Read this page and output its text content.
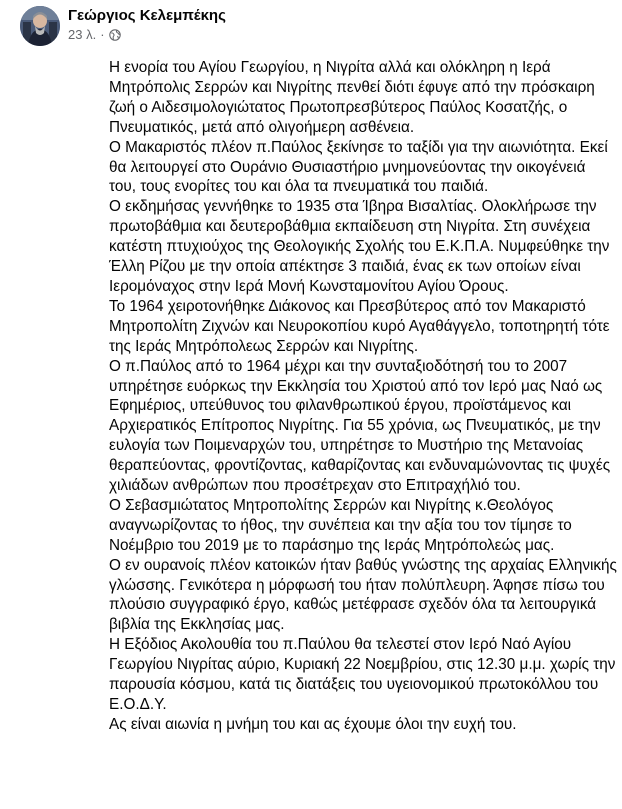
Γεώργιος Κελεμπέκης
23 λ. ·

Η ενορία του Αγίου Γεωργίου, η Νιγρίτα αλλά και ολόκληρη η Ιερά
Μητρόπολις Σερρών και Νιγρίτης πενθεί διότι έφυγε από την πρόσκαιρη
ζωή ο Αιδεσιμολογιώτατος Πρωτοπρεσβύτερος Παύλος Κοσατζής, ο
Πνευματικός, μετά από ολιγοήμερη ασθένεια.

Ο Μακαριστός πλέον π.Παύλος ξεκίνησε το ταξίδι για την αιωνιότητα. Εκεί
θα λειτουργεί στο Ουράνιο Θυσιαστήριο μνημονεύοντας την οικογένειά
του, τους ενορίτες του και όλα τα πνευματικά του παιδιά.

Ο εκδημήσας γεννήθηκε το 1935 στα Ίβηρα Βισαλτίας. Ολοκλήρωσε την
πρωτοβάθμια και δευτεροβάθμια εκπαίδευση στη Νιγρίτα. Στη συνέχεια
κατέστη πτυχιούχος της Θεολογικής Σχολής του Ε.Κ.Π.Α. Νυμφεύθηκε την
Έλλη Ρίζου με την οποία απέκτησε 3 παιδιά, ένας εκ των οποίων είναι
Ιερομόναχος στην Ιερά Μονή Κωνσταμονίτου Αγίου Όρους.

Το 1964 χειροτονήθηκε Διάκονος και Πρεσβύτερος από τον Μακαριστό
Μητροπολίτη Ζιχνών και Νευροκοπίου κυρό Αγαθάγγελο, τοποτηρητή τότε
της Ιεράς Μητρόπολεως Σερρών και Νιγρίτης.

Ο π.Παύλος από το 1964 μέχρι και την συνταξιοδότησή του το 2007
υπηρέτησε ευόρκως την Εκκλησία του Χριστού από τον Ιερό μας Ναό ως
Εφημέριος, υπεύθυνος του φιλανθρωπικού έργου, προϊστάμενος και
Αρχιερατικός Επίτροπος Νιγρίτης. Για 55 χρόνια, ως Πνευματικός, με την
ευλογία των Ποιμεναρχών του, υπηρέτησε το Μυστήριο της Μετανοίας
θεραπεύοντας, φροντίζοντας, καθαρίζοντας και ενδυναμώνοντας τις ψυχές
χιλιάδων ανθρώπων που προσέτρεχαν στο Επιτραχήλιό του.

Ο Σεβασμιώτατος Μητροπολίτης Σερρών και Νιγρίτης κ.Θεολόγος
αναγνωρίζοντας το ήθος, την συνέπεια και την αξία του τον τίμησε το
Νοέμβριο του 2019 με το παράσημο της Ιεράς Μητρόπολεώς μας.

Ο εν ουρανοίς πλέον κατοικών ήταν βαθύς γνώστης της αρχαίας Ελληνικής
γλώσσης. Γενικότερα η μόρφωσή του ήταν πολύπλευρη. Άφησε πίσω του
πλούσιο συγγραφικό έργο, καθώς μετέφρασε σχεδόν όλα τα λειτουργικά
βιβλία της Εκκλησίας μας.

Η Εξόδιος Ακολουθία του π.Παύλου θα τελεστεί στον Ιερό Ναό Αγίου
Γεωργίου Νιγρίτας αύριο, Κυριακή 22 Νοεμβρίου, στις 12.30 μ.μ. χωρίς την
παρουσία κόσμου, κατά τις διατάξεις του υγειονομικού πρωτοκόλλου του
Ε.Ο.Δ.Υ.

Ας είναι αιωνία η μνήμη του και ας έχουμε όλοι την ευχή του.
